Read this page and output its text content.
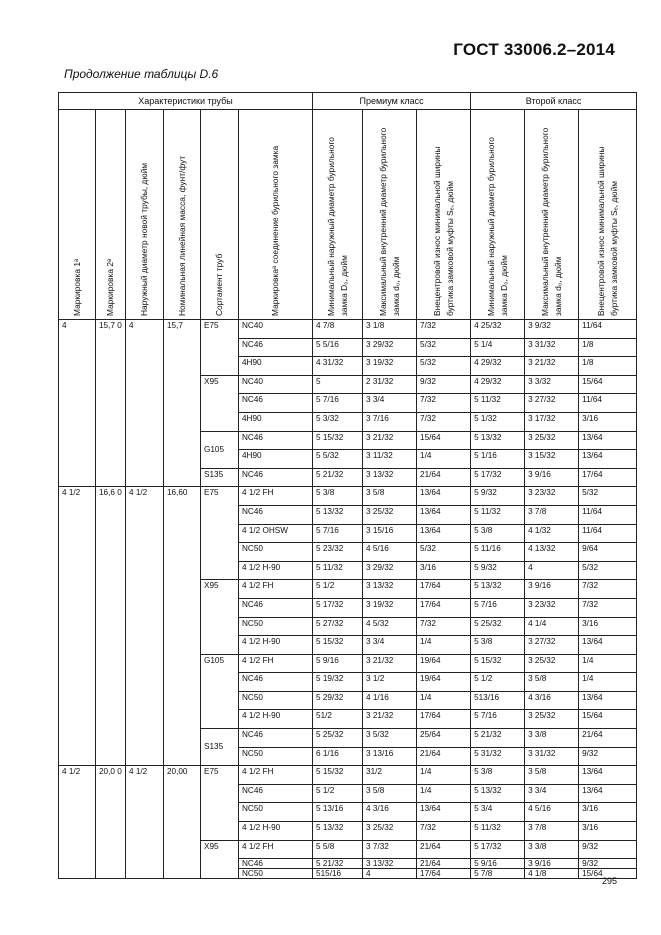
ГОСТ 33006.2–2014
Продолжение таблицы D.6
Характеристики трубы						Премиум класс			Второй класс		

Маркировка 1ᵃ	Маркировка 2ᵃ	Наружный диаметр новой трубы, дюйм	Номинальная линейная масса, фунт/фут	Сортамент труб	Маркировкаᵃ соединение бурильного замка	Минимальный наружный диаметр бурильного замка D₀, дюйм	Максимальный внутренний диаметр бурильного замка d₀, дюйм	Внецентровой износ минимальной ширины буртика замковой муфты Sₑ, дюйм	Минимальный наружный диаметр бурильного замка D₀, дюйм	Максимальный внутренний диаметр бурильного замка d₀, дюйм	Внецентровой износ минимальной ширины буртика замковой муфты Sₑ, дюйм

4	15,7 0	4	15,7	E75	NC40	4 7/8	3 1/8	7/32	4 25/32	3 9/32	11/64
					NC46	5 5/16	3 29/32	5/32	5 1/4	3 31/32	1/8
					4H90	4 31/32	3 19/32	5/32	4 29/32	3 21/32	1/8
				X95	NC40	5	2 31/32	9/32	4 29/32	3 3/32	15/64
					NC46	5 7/16	3 3/4	7/32	5 11/32	3 27/32	11/64
					4H90	5 3/32	3 7/16	7/32	5 1/32	3 17/32	3/16
				G105	NC46	5 15/32	3 21/32	15/64	5 13/32	3 25/32	13/64
					4H90	5 5/32	3 11/32	1/4	5 1/16	3 15/32	13/64
				S135	NC46	5 21/32	3 13/32	21/64	5 17/32	3 9/16	17/64
4 1/2	16,6 0	4 1/2	16,60	E75	4 1/2 FH	5 3/8	3 5/8	13/64	5 9/32	3 23/32	5/32
					NC46	5 13/32	3 25/32	13/64	5 11/32	3 7/8	11/64
					4 1/2 OHSW	5 7/16	3 15/16	13/64	5 3/8	4 1/32	11/64
					NC50	5 23/32	4 5/16	5/32	5 11/16	4 13/32	9/64
					4 1/2 H-90	5 11/32	3 29/32	3/16	5 9/32	4	5/32
				X95	4 1/2 FH	5 1/2	3 13/32	17/64	5 13/32	3 9/16	7/32
					NC46	5 17/32	3 19/32	17/64	5 7/16	3 23/32	7/32
					NC50	5 27/32	4 5/32	7/32	5 25/32	4 1/4	3/16
					4 1/2 H-90	5 15/32	3 3/4	1/4	5 3/8	3 27/32	13/64
				G105	4 1/2 FH	5 9/16	3 21/32	19/64	5 15/32	3 25/32	1/4
					NC46	5 19/32	3 1/2	19/64	5 1/2	3 5/8	1/4
					NC50	5 29/32	4 1/16	1/4	513/16	4 3/16	13/64
					4 1/2 H-90	51/2	3 21/32	17/64	5 7/16	3 25/32	15/64
				S135	NC46	5 25/32	3 5/32	25/64	5 21/32	3 3/8	21/64
					NC50	6 1/16	3 13/16	21/64	5 31/32	3 31/32	9/32
4 1/2	20,0 0	4 1/2	20,00	E75	4 1/2 FH	5 15/32	31/2	1/4	5 3/8	3 5/8	13/64
					NC46	5 1/2	3 5/8	1/4	5 13/32	3 3/4	13/64
					NC50	5 13/16	4 3/16	13/64	5 3/4	4 5/16	3/16
					4 1/2 H-90	5 13/32	3 25/32	7/32	5 11/32	3 7/8	3/16
				X95	4 1/2 FH	5 5/8	3 7/32	21/64	5 17/32	3 3/8	9/32
					NC46	5 21/32	3 13/32	21/64	5 9/16	3 9/16	9/32
					NC50	515/16	4	17/64	5 7/8	4 1/8	15/64
295
